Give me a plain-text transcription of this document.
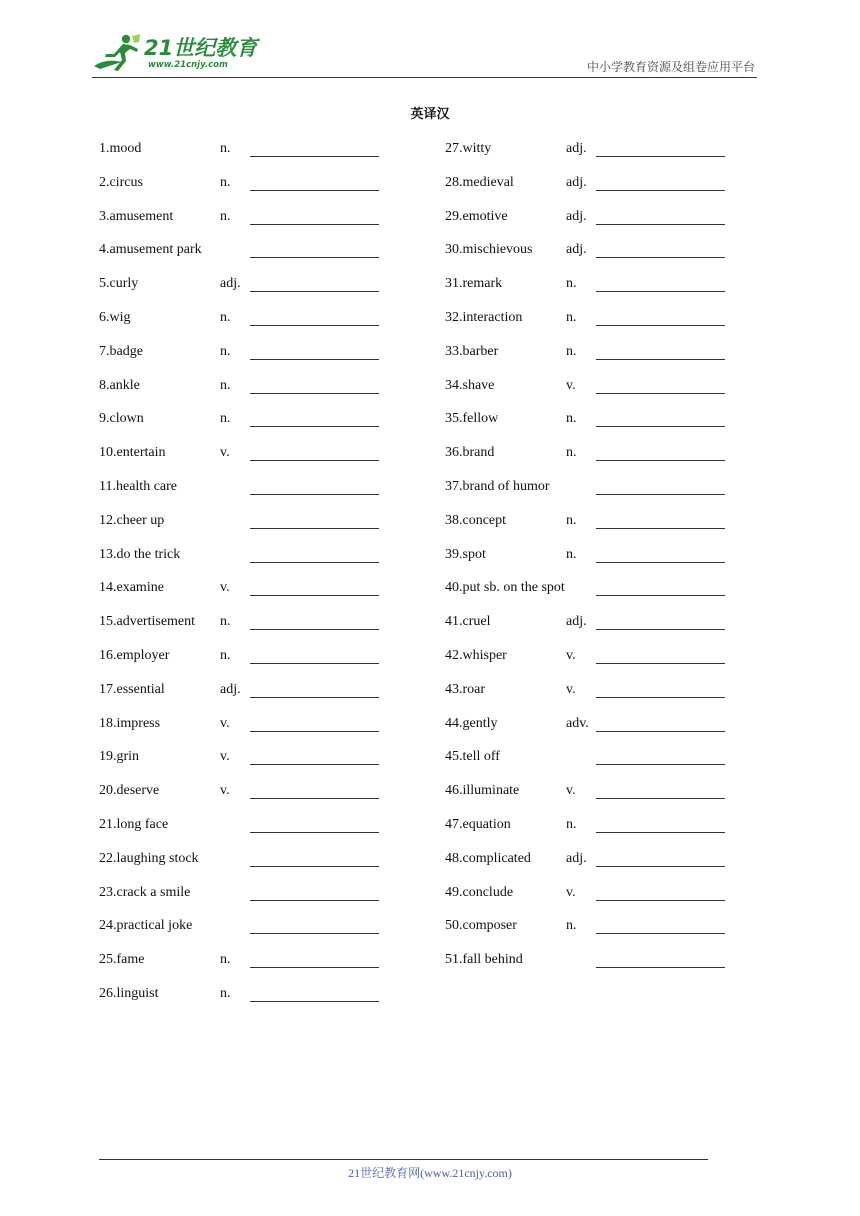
21世纪教育
www.21cnjy.com	中小学教育资源及组卷应用平台
英译汉
1.mood	n.
2.circus	n.
3.amusement	n.
4.amusement park
5.curly	adj.
6.wig	n.
7.badge	n.
8.ankle	n.
9.clown	n.
10.entertain	v.
11.health care
12.cheer up
13.do the trick
14.examine	v.
15.advertisement n.
16.employer	n.
17.essential	adj.
18.impress	v.
19.grin	v.
20.deserve	v.
21.long face
22.laughing stock
23.crack a smile
24.practical joke
25.fame	n.
26.linguist	n.
27.witty	adj.
28.medieval	adj.
29.emotive	adj.
30.mischievous adj.
31.remark	n.
32.interaction	n.
33.barber	n.
34.shave	v.
35.fellow	n.
36.brand	n.
37.brand of humor
38.concept	n.
39.spot	n.
40.put sb. on the spot
41.cruel	adj.
42.whisper	v.
43.roar	v.
44.gently	adv.
45.tell off
46.illuminate	v.
47.equation	n.
48.complicated	adj.
49.conclude	v.
50.composer	n.
51.fall behind
21世纪教育网(www.21cnjy.com)
